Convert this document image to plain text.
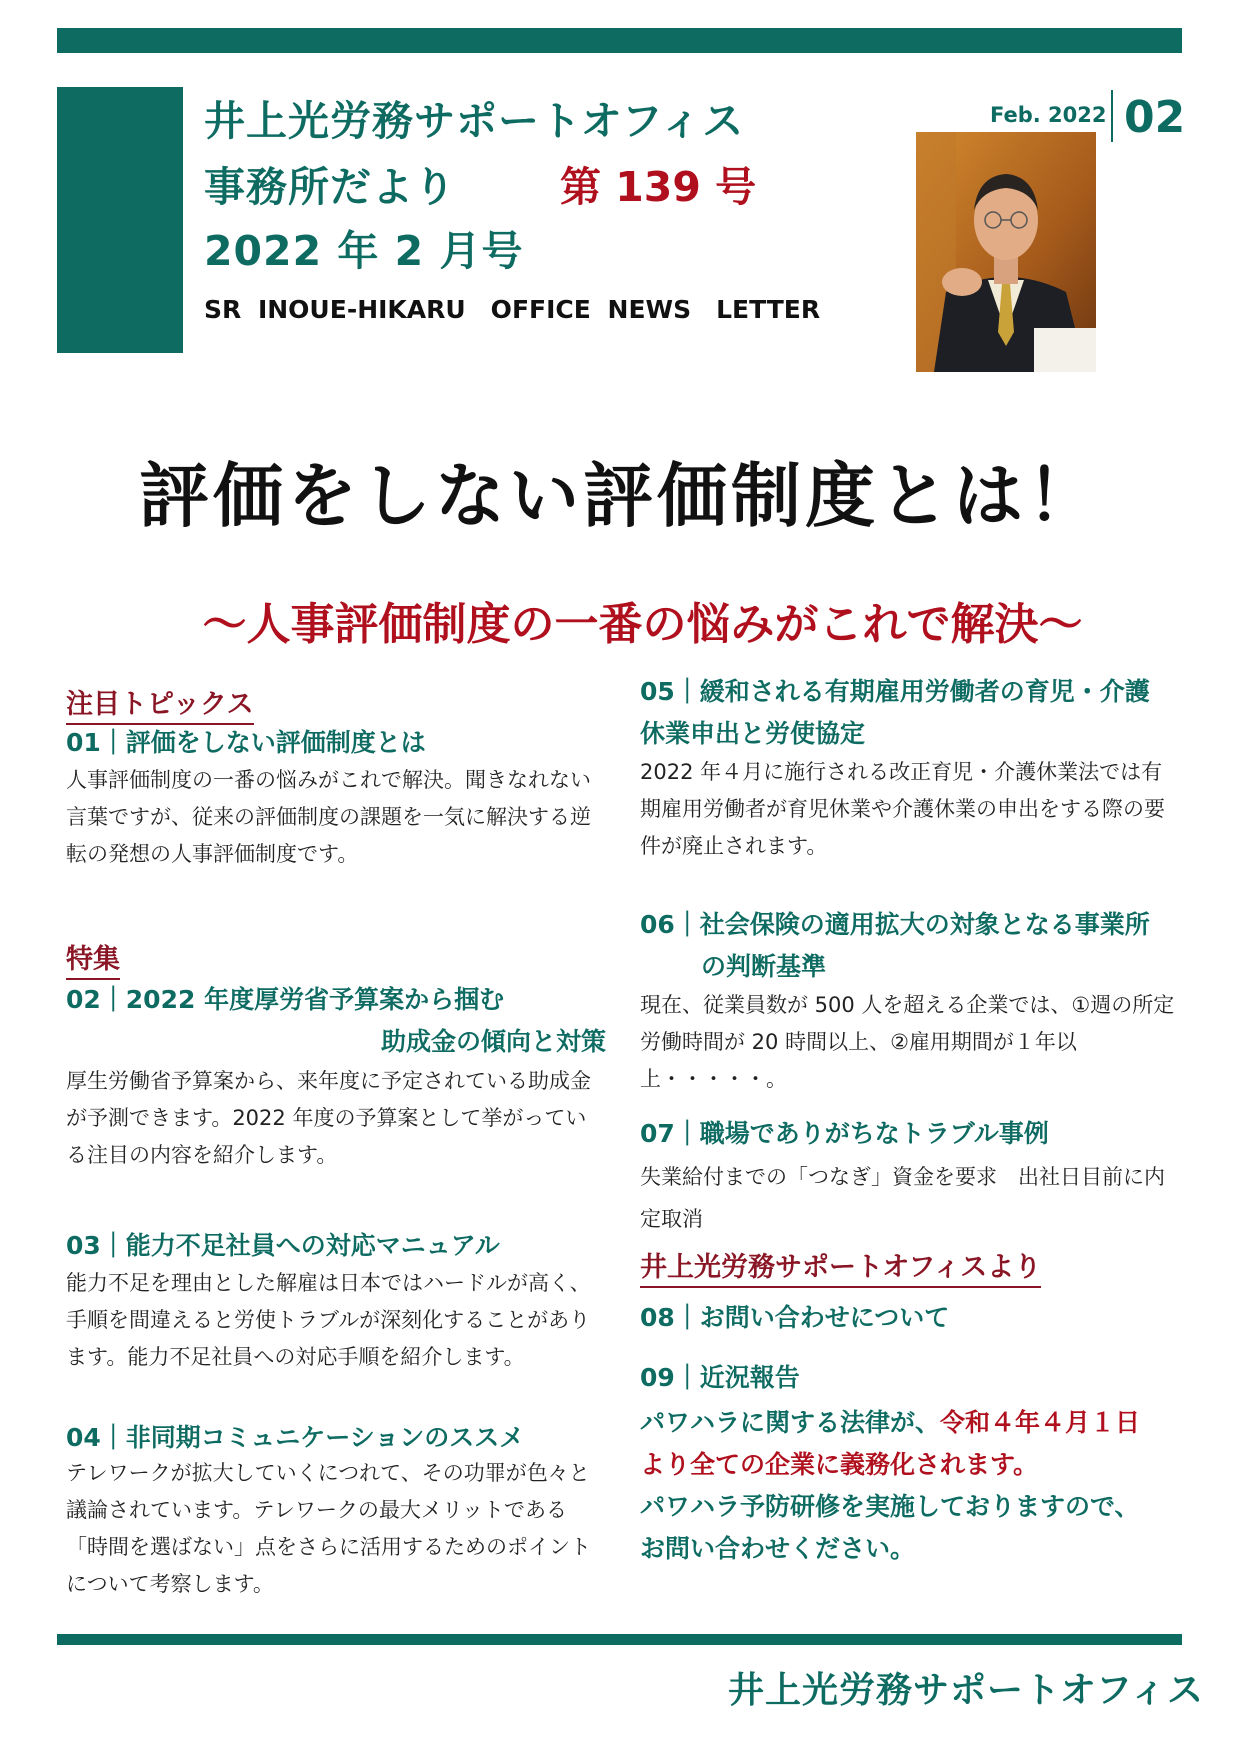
井上光労務サポートオフィス
事務所だより	第 139 号
2022 年 2 月号
SR INOUE-HIKARU　OFFICE NEWS　LETTER
Feb. 2022 02
評価をしない評価制度とは！
～人事評価制度の一番の悩みがこれで解決～
注目トピックス
01｜評価をしない評価制度とは
人事評価制度の一番の悩みがこれで解決。聞きなれない言葉ですが、従来の評価制度の課題を一気に解決する逆転の発想の人事評価制度です。
特集
02｜2022 年度厚労省予算案から掴む
助成金の傾向と対策
厚生労働省予算案から、来年度に予定されている助成金が予測できます。2022 年度の予算案として挙がっている注目の内容を紹介します。
03｜能力不足社員への対応マニュアル
能力不足を理由とした解雇は日本ではハードルが高く、手順を間違えると労使トラブルが深刻化することがあります。能力不足社員への対応手順を紹介します。
04｜非同期コミュニケーションのススメ
テレワークが拡大していくにつれて、その功罪が色々と議論されています。テレワークの最大メリットである「時間を選ばない」点をさらに活用するためのポイントについて考察します。
05｜緩和される有期雇用労働者の育児・介護
休業申出と労使協定
2022 年４月に施行される改正育児・介護休業法では有期雇用労働者が育児休業や介護休業の申出をする際の要件が廃止されます。
06｜社会保険の適用拡大の対象となる事業所
の判断基準
現在、従業員数が 500 人を超える企業では、①週の所定労働時間が 20 時間以上、②雇用期間が１年以上・・・・・。
07｜職場でありがちなトラブル事例
失業給付までの「つなぎ」資金を要求　出社日目前に内定取消
井上光労務サポートオフィスより
08｜お問い合わせについて
09｜近況報告
パワハラに関する法律が、令和４年４月１日
より全ての企業に義務化されます。
パワハラ予防研修を実施しておりますので、
お問い合わせください。
井上光労務サポートオフィス
